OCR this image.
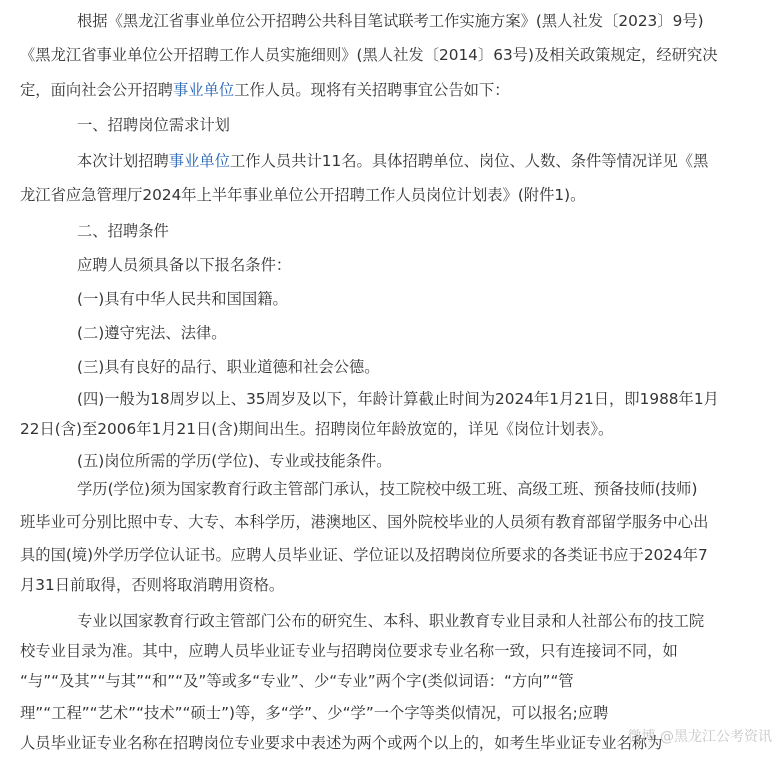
根据《黑龙江省事业单位公开招聘公共科目笔试联考工作实施方案》(黑人社发〔2023〕9号)
《黑龙江省事业单位公开招聘工作人员实施细则》(黑人社发〔2014〕63号)及相关政策规定，经研究决
定，面向社会公开招聘事业单位工作人员。现将有关招聘事宜公告如下：
一、招聘岗位需求计划
本次计划招聘事业单位工作人员共计11名。具体招聘单位、岗位、人数、条件等情况详见《黑
龙江省应急管理厅2024年上半年事业单位公开招聘工作人员岗位计划表》(附件1)。
二、招聘条件
应聘人员须具备以下报名条件：
(一)具有中华人民共和国国籍。
(二)遵守宪法、法律。
(三)具有良好的品行、职业道德和社会公德。
(四)一般为18周岁以上、35周岁及以下，年龄计算截止时间为2024年1月21日，即1988年1月
22日(含)至2006年1月21日(含)期间出生。招聘岗位年龄放宽的，详见《岗位计划表》。
(五)岗位所需的学历(学位)、专业或技能条件。
学历(学位)须为国家教育行政主管部门承认，技工院校中级工班、高级工班、预备技师(技师)
班毕业可分别比照中专、大专、本科学历，港澳地区、国外院校毕业的人员须有教育部留学服务中心出
具的国(境)外学历学位认证书。应聘人员毕业证、学位证以及招聘岗位所要求的各类证书应于2024年7
月31日前取得，否则将取消聘用资格。
专业以国家教育行政主管部门公布的研究生、本科、职业教育专业目录和人社部公布的技工院
校专业目录为准。其中，应聘人员毕业证专业与招聘岗位要求专业名称一致，只有连接词不同，如
“与”“及其”“与其”“和”“及”等或多“专业”、少“专业”两个字(类似词语：“方向”“管
理”“工程”“艺术”“技术”“硕士”)等，多“学”、少“学”一个字等类似情况，可以报名;应聘
人员毕业证专业名称在招聘岗位专业要求中表述为两个或两个以上的，如考生毕业证专业名称为
微博 @黑龙江公考资讯
